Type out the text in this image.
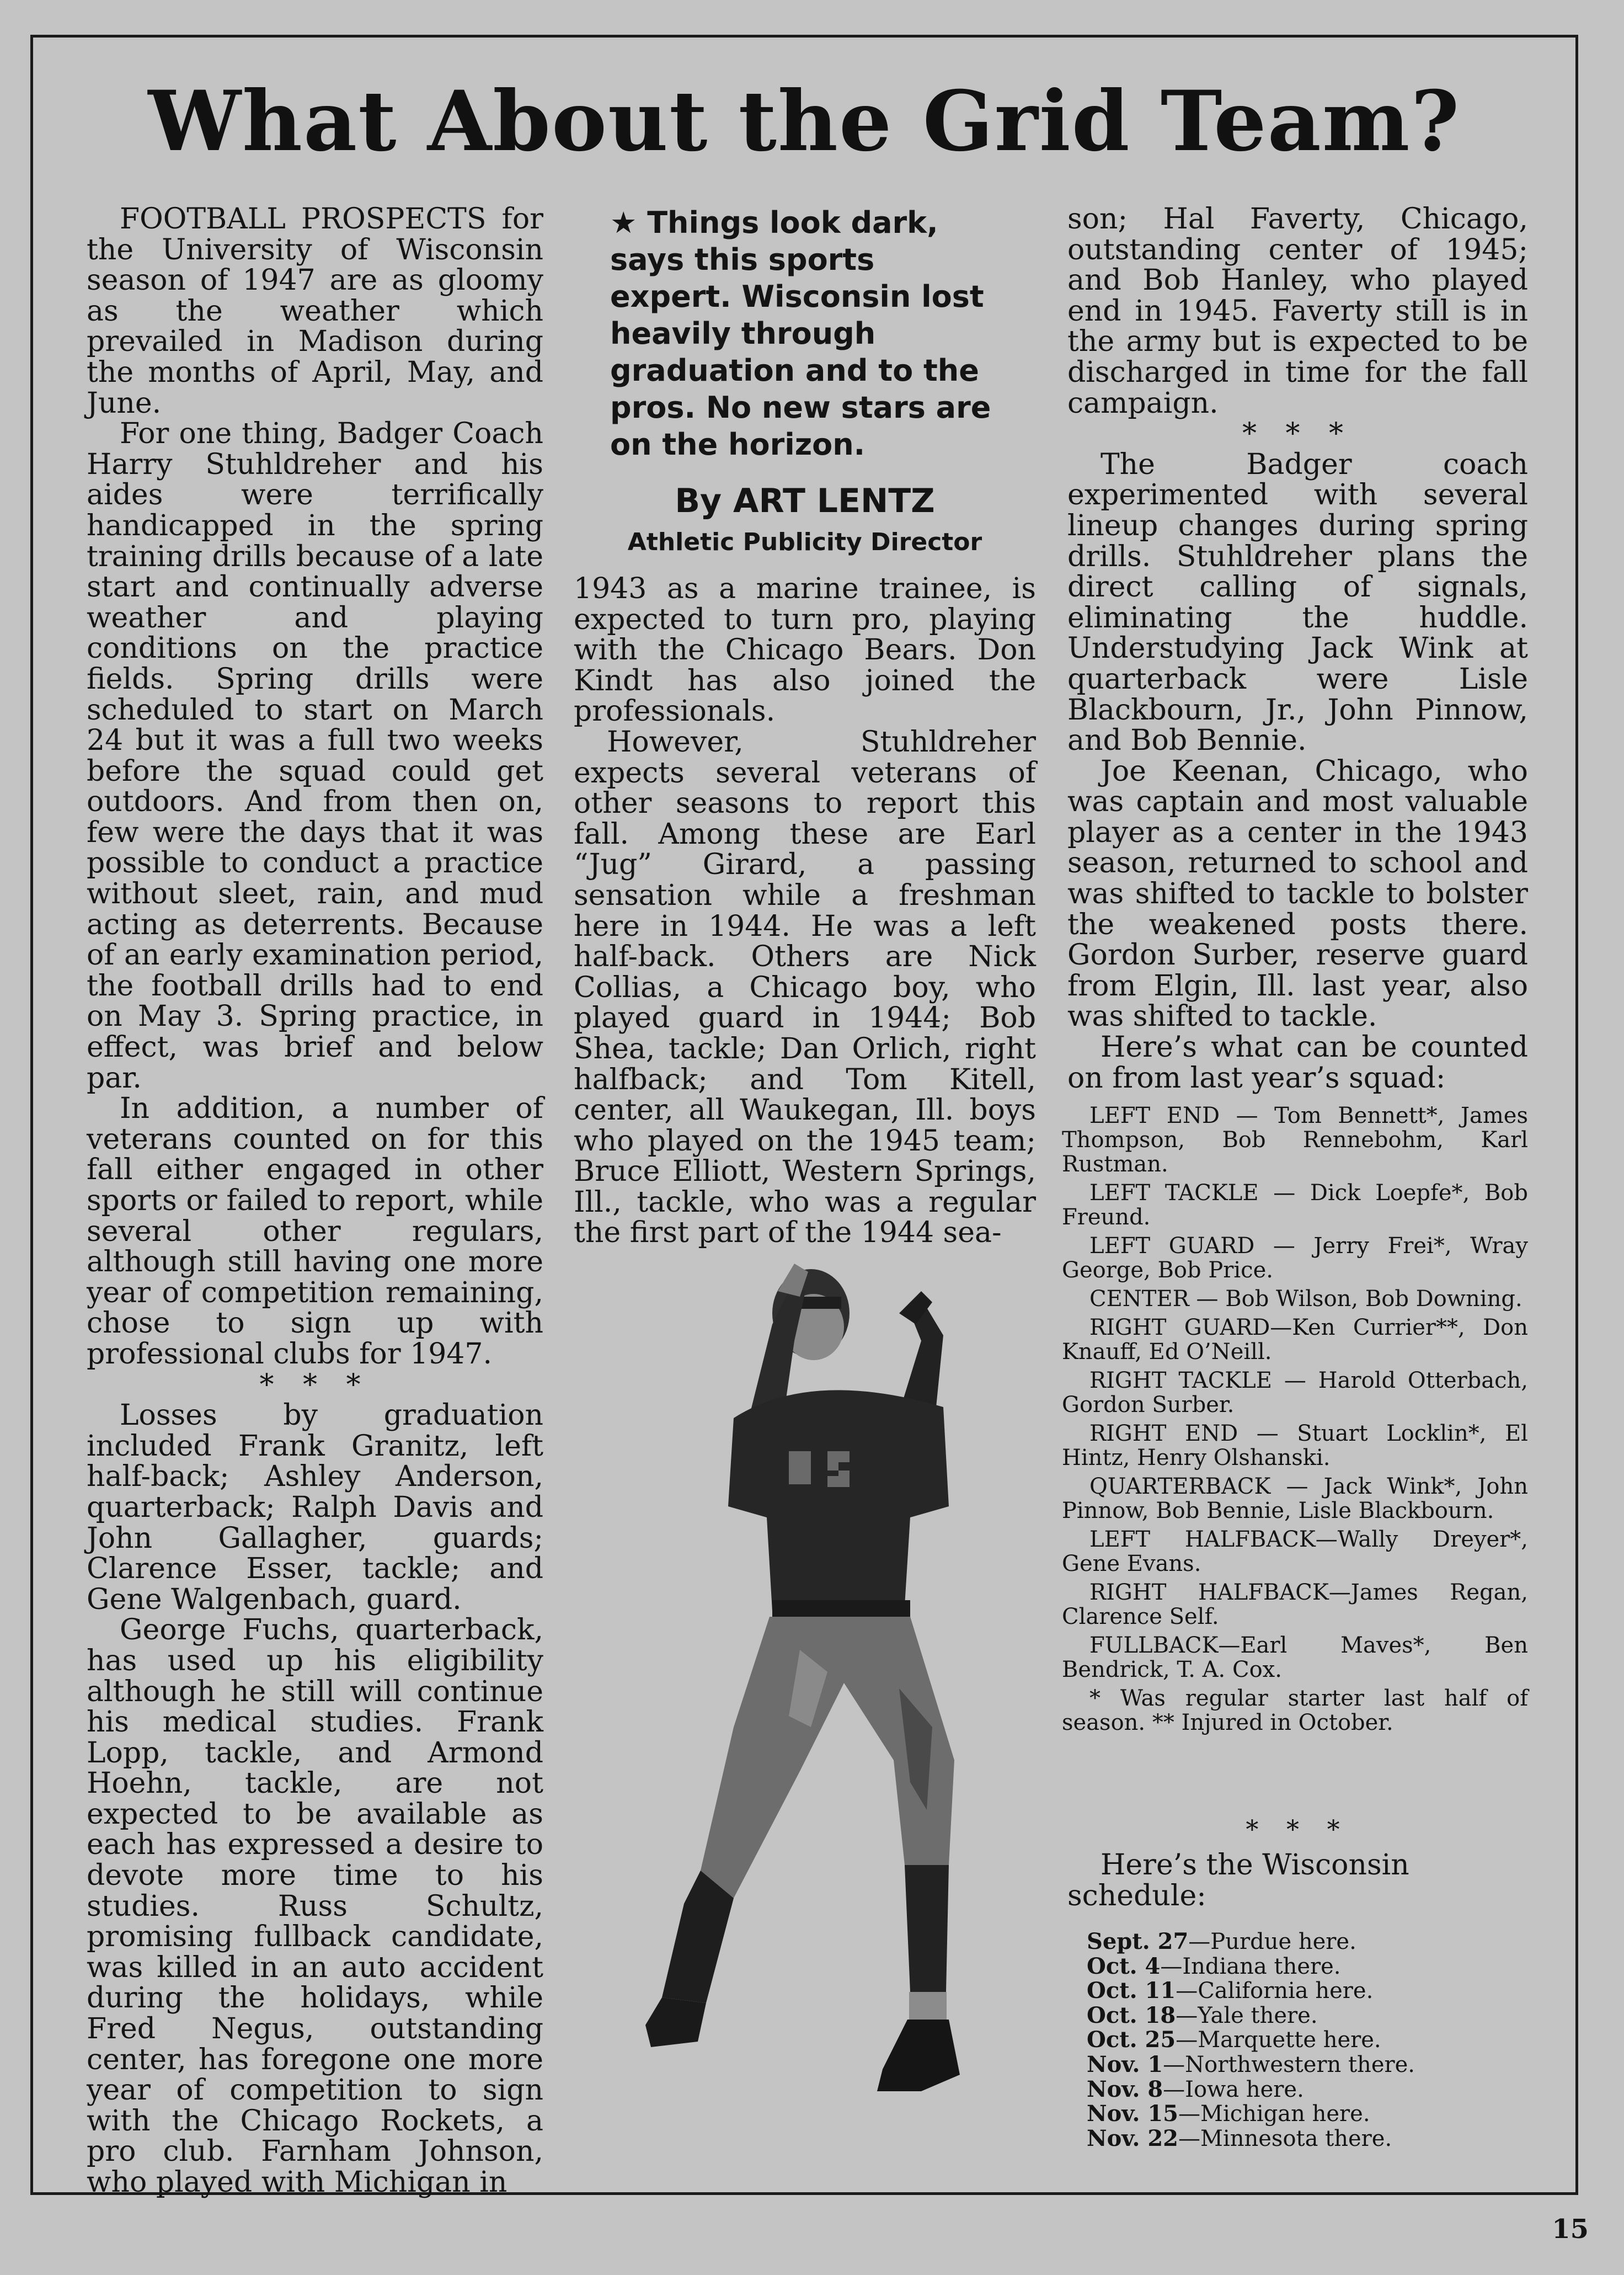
What About the Grid Team?

FOOTBALL PROSPECTS for the University of Wisconsin season of 1947 are as gloomy as the weather which prevailed in Madison during the months of April, May, and June.

For one thing, Badger Coach Harry Stuhldreher and his aides were terrifically handicapped in the spring training drills because of a late start and continually adverse weather and playing conditions on the practice fields. Spring drills were scheduled to start on March 24 but it was a full two weeks before the squad could get outdoors. And from then on, few were the days that it was possible to conduct a practice without sleet, rain, and mud acting as deterrents. Because of an early examination period, the football drills had to end on May 3. Spring practice, in effect, was brief and below par.

In addition, a number of veterans counted on for this fall either engaged in other sports or failed to report, while several other regulars, although still having one more year of competition remaining, chose to sign up with professional clubs for 1947.

* * *

Losses by graduation included Frank Granitz, left half-back; Ashley Anderson, quarterback; Ralph Davis and John Gallagher, guards; Clarence Esser, tackle; and Gene Walgenbach, guard.

George Fuchs, quarterback, has used up his eligibility although he still will continue his medical studies. Frank Lopp, tackle, and Armond Hoehn, tackle, are not expected to be available as each has expressed a desire to devote more time to his studies. Russ Schultz, promising fullback candidate, was killed in an auto accident during the holidays, while Fred Negus, outstanding center, has foregone one more year of competition to sign with the Chicago Rockets, a pro club. Farnham Johnson, who played with Michigan in

★ Things look dark, says this sports expert. Wisconsin lost heavily through graduation and to the pros. No new stars are on the horizon.

By ART LENTZ

Athletic Publicity Director

1943 as a marine trainee, is expected to turn pro, playing with the Chicago Bears. Don Kindt has also joined the professionals.

However, Stuhldreher expects several veterans of other seasons to report this fall. Among these are Earl “Jug” Girard, a passing sensation while a freshman here in 1944. He was a left half-back. Others are Nick Collias, a Chicago boy, who played guard in 1944; Bob Shea, tackle; Dan Orlich, right halfback; and Tom Kitell, center, all Waukegan, Ill. boys who played on the 1945 team; Bruce Elliott, Western Springs, Ill., tackle, who was a regular the first part of the 1944 sea-

son; Hal Faverty, Chicago, outstanding center of 1945; and Bob Hanley, who played end in 1945. Faverty still is in the army but is expected to be discharged in time for the fall campaign.

* * *

The Badger coach experimented with several lineup changes during spring drills. Stuhldreher plans the direct calling of signals, eliminating the huddle. Understudying Jack Wink at quarterback were Lisle Blackbourn, Jr., John Pinnow, and Bob Bennie.

Joe Keenan, Chicago, who was captain and most valuable player as a center in the 1943 season, returned to school and was shifted to tackle to bolster the weakened posts there. Gordon Surber, reserve guard from Elgin, Ill. last year, also was shifted to tackle.

Here’s what can be counted on from last year’s squad:

LEFT END — Tom Bennett*, James Thompson, Bob Rennebohm, Karl Rustman.

LEFT TACKLE — Dick Loepfe*, Bob Freund.

LEFT GUARD — Jerry Frei*, Wray George, Bob Price.

CENTER — Bob Wilson, Bob Downing.

RIGHT GUARD—Ken Currier**, Don Knauff, Ed O’Neill.

RIGHT TACKLE — Harold Otterbach, Gordon Surber.

RIGHT END — Stuart Locklin*, El Hintz, Henry Olshanski.

QUARTERBACK — Jack Wink*, John Pinnow, Bob Bennie, Lisle Blackbourn.

LEFT HALFBACK—Wally Dreyer*, Gene Evans.

RIGHT HALFBACK—James Regan, Clarence Self.

FULLBACK—Earl Maves*, Ben Bendrick, T. A. Cox.

* Was regular starter last half of season. ** Injured in October.

* * *

Here’s the Wisconsin schedule:

Sept. 27—Purdue here.
Oct. 4—Indiana there.
Oct. 11—California here.
Oct. 18—Yale there.
Oct. 25—Marquette here.
Nov. 1—Northwestern there.
Nov. 8—Iowa here.
Nov. 15—Michigan here.
Nov. 22—Minnesota there.

15
